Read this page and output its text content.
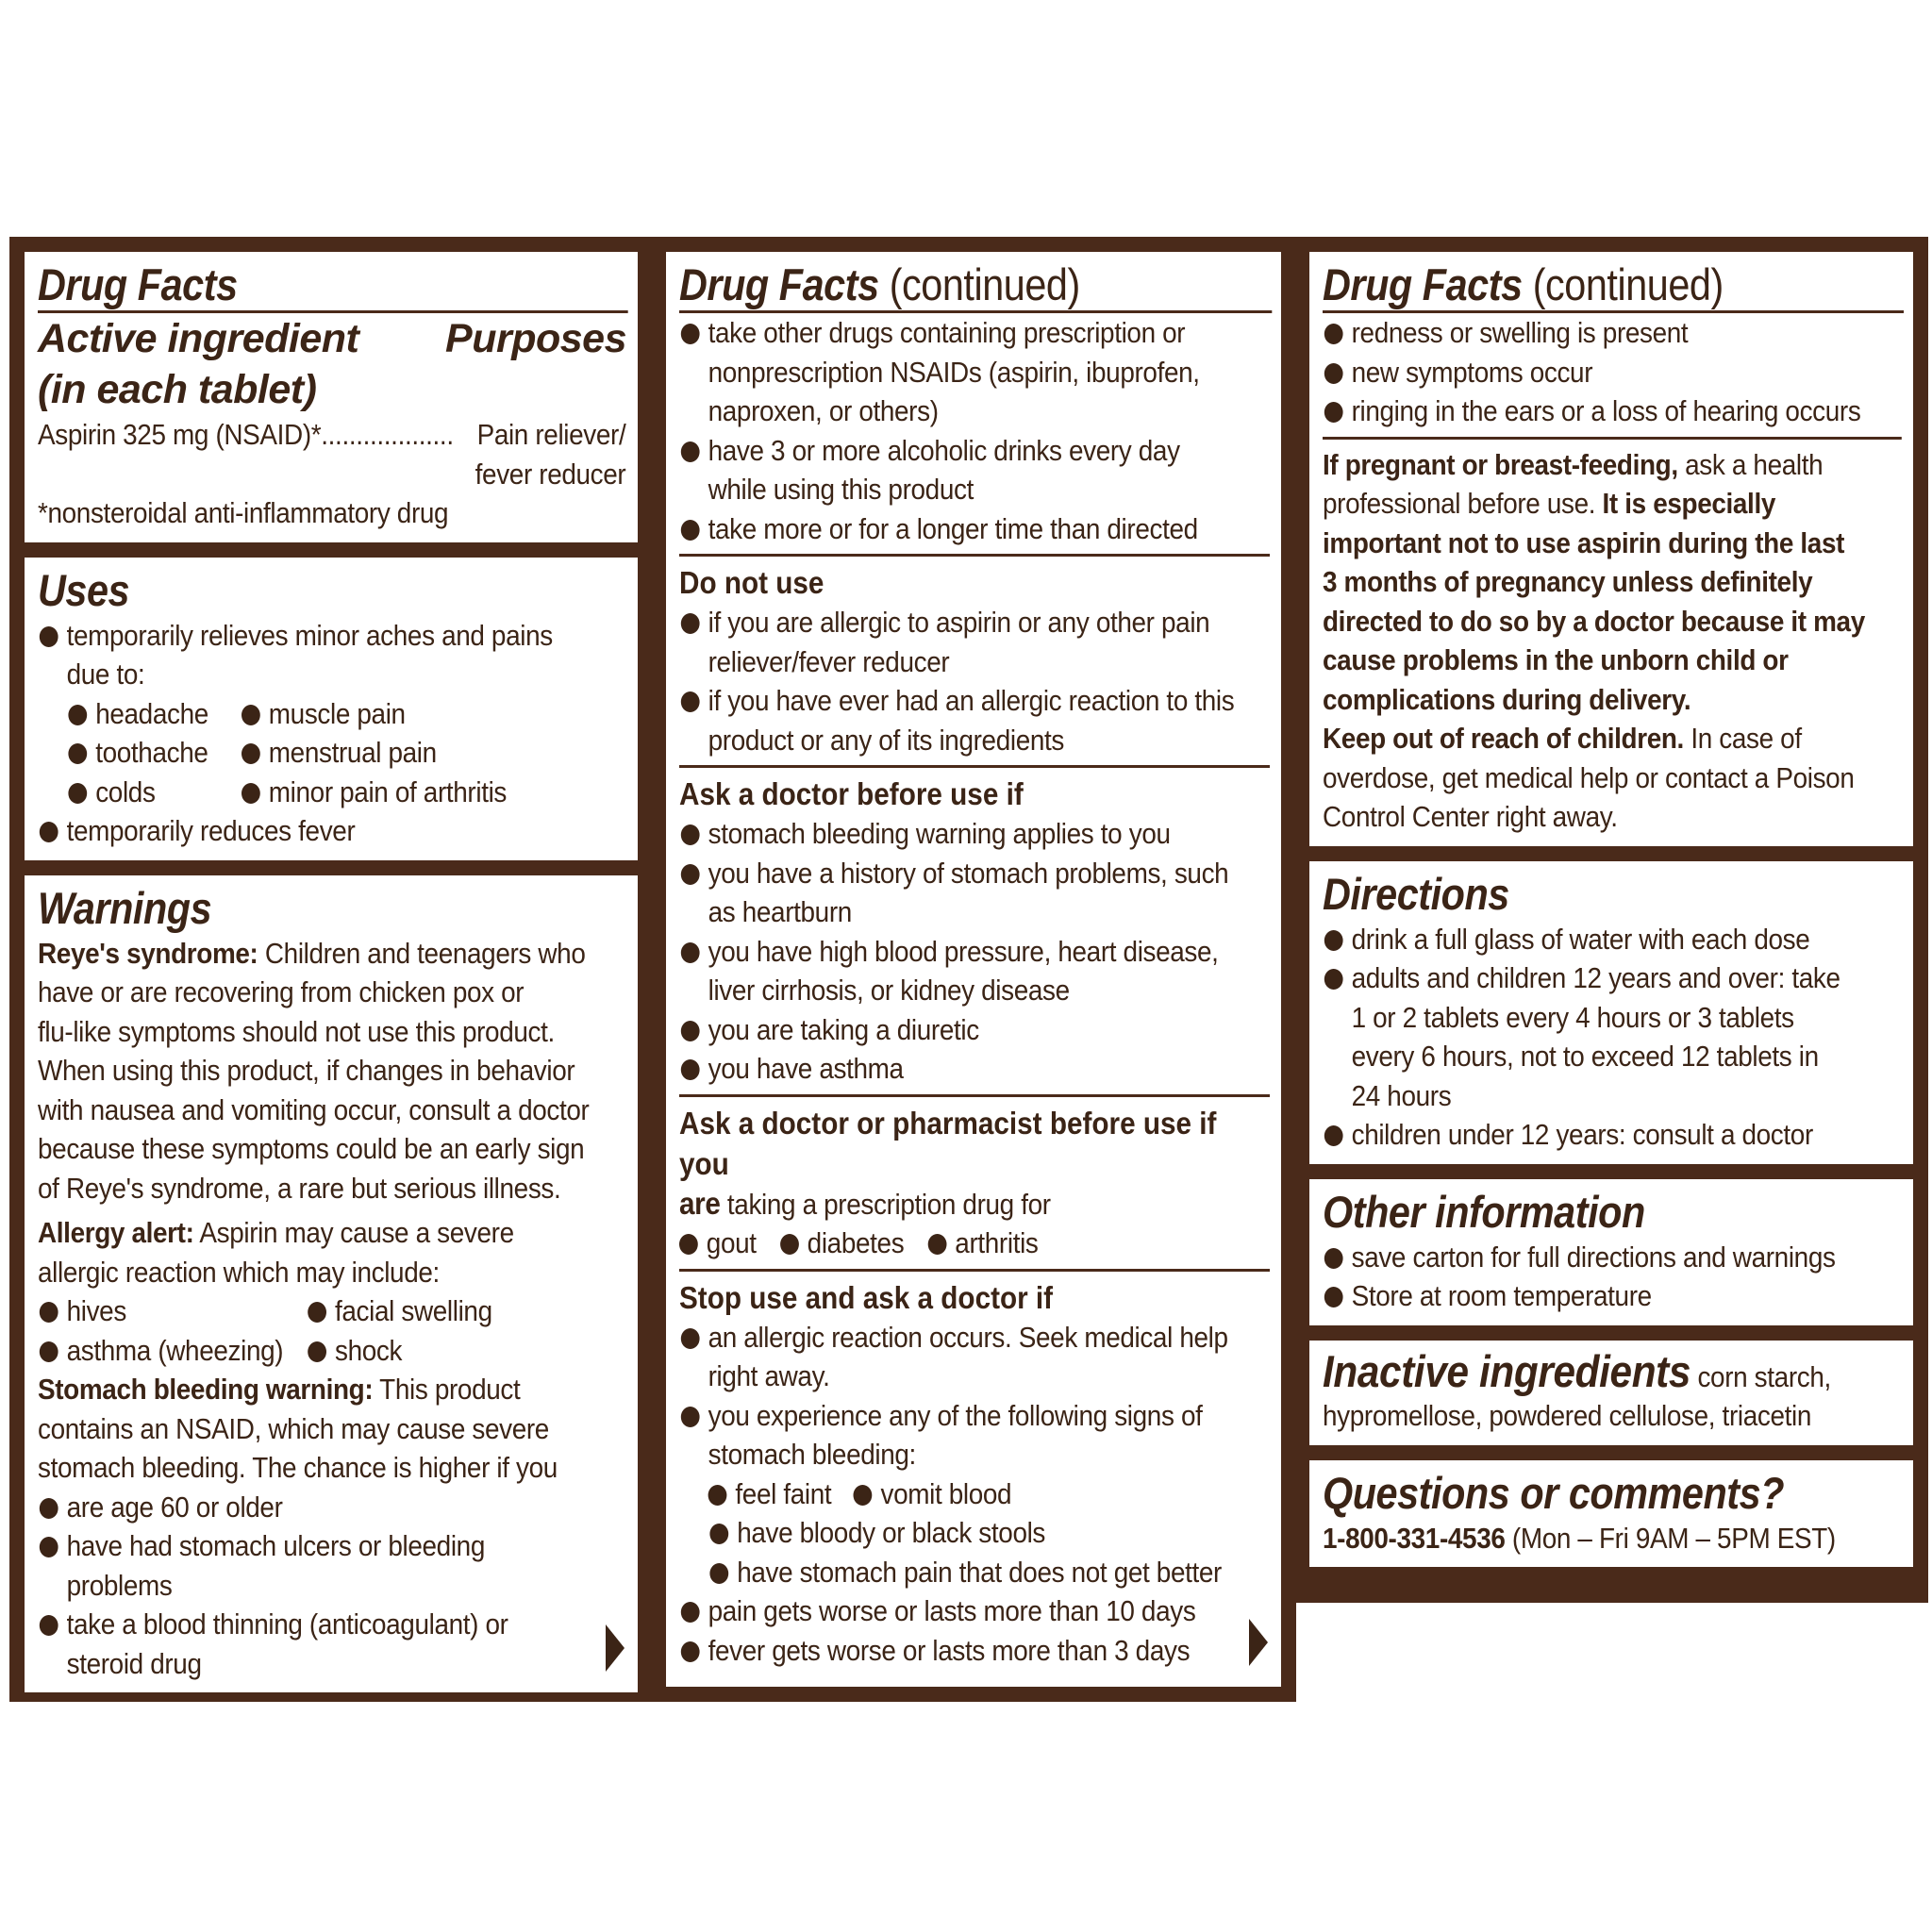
Drug Facts
Active ingredient
(in each tablet)
Purposes
Aspirin 325 mg (NSAID)*................... Pain reliever/
fever reducer
*nonsteroidal anti-inflammatory drug
Uses
temporarily relieves minor aches and pains
due to:
headache	muscle pain
toothache	menstrual pain
colds	minor pain of arthritis
temporarily reduces fever
Warnings
Reye's syndrome: Children and teenagers who
have or are recovering from chicken pox or
flu-like symptoms should not use this product.
When using this product, if changes in behavior
with nausea and vomiting occur, consult a doctor
because these symptoms could be an early sign
of Reye's syndrome, a rare but serious illness.
Allergy alert: Aspirin may cause a severe
allergic reaction which may include:
hives	facial swelling
asthma (wheezing)	shock
Stomach bleeding warning: This product
contains an NSAID, which may cause severe
stomach bleeding. The chance is higher if you
are age 60 or older
have had stomach ulcers or bleeding
problems
take a blood thinning (anticoagulant) or
steroid drug
Drug Facts (continued)
take other drugs containing prescription or
nonprescription NSAIDs (aspirin, ibuprofen,
naproxen, or others)
have 3 or more alcoholic drinks every day
while using this product
take more or for a longer time than directed
Do not use
if you are allergic to aspirin or any other pain
reliever/fever reducer
if you have ever had an allergic reaction to this
product or any of its ingredients
Ask a doctor before use if
stomach bleeding warning applies to you
you have a history of stomach problems, such
as heartburn
you have high blood pressure, heart disease,
liver cirrhosis, or kidney disease
you are taking a diuretic
you have asthma
Ask a doctor or pharmacist before use if you
are taking a prescription drug for
gout	diabetes	arthritis
Stop use and ask a doctor if
an allergic reaction occurs. Seek medical help
right away.
you experience any of the following signs of
stomach bleeding:
feel faint	vomit blood
have bloody or black stools
have stomach pain that does not get better
pain gets worse or lasts more than 10 days
fever gets worse or lasts more than 3 days
Drug Facts (continued)
redness or swelling is present
new symptoms occur
ringing in the ears or a loss of hearing occurs
If pregnant or breast-feeding, ask a health
professional before use. It is especially
important not to use aspirin during the last
3 months of pregnancy unless definitely
directed to do so by a doctor because it may
cause problems in the unborn child or
complications during delivery.
Keep out of reach of children. In case of
overdose, get medical help or contact a Poison
Control Center right away.
Directions
drink a full glass of water with each dose
adults and children 12 years and over: take
1 or 2 tablets every 4 hours or 3 tablets
every 6 hours, not to exceed 12 tablets in
24 hours
children under 12 years: consult a doctor
Other information
save carton for full directions and warnings
Store at room temperature
Inactive ingredients corn starch,
hypromellose, powdered cellulose, triacetin
Questions or comments?
1-800-331-4536 (Mon – Fri 9AM – 5PM EST)
